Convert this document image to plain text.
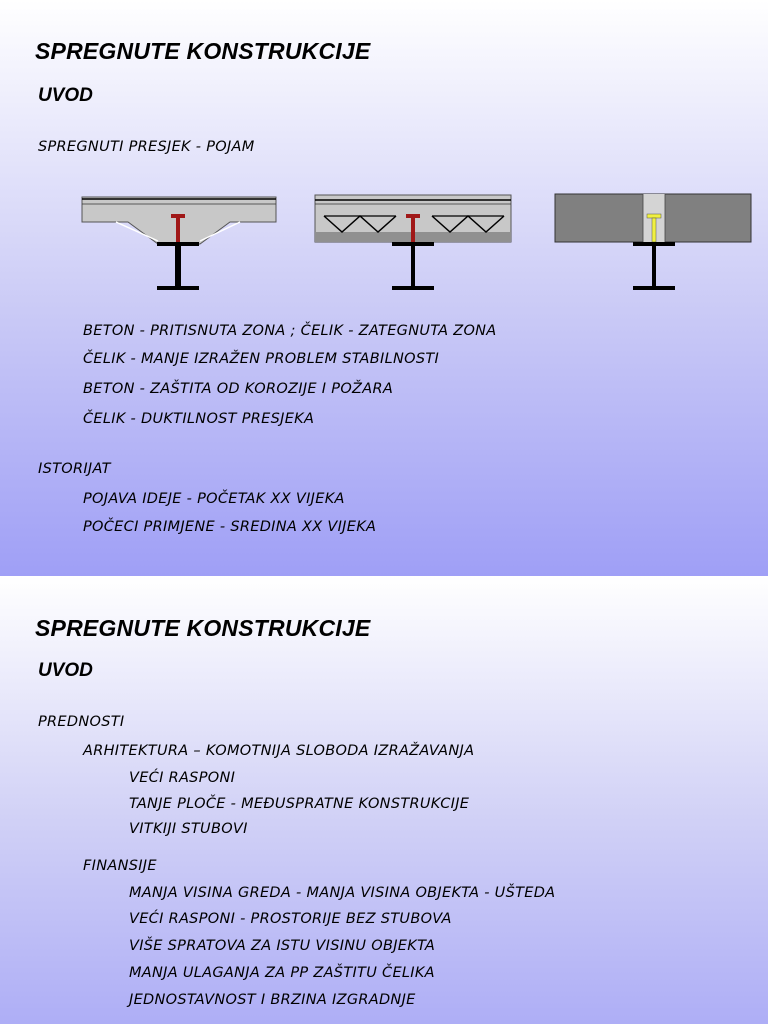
SPREGNUTE KONSTRUKCIJE
UVOD

SPREGNUTI PRESJEK - POJAM

BETON - PRITISNUTA ZONA ; ČELIK - ZATEGNUTA ZONA

ČELIK - MANJE IZRAŽEN PROBLEM STABILNOSTI

BETON - ZAŠTITA OD KOROZIJE I POŽARA

ČELIK - DUKTILNOST PRESJEKA

ISTORIJAT

POJAVA IDEJE - POČETAK XX VIJEKA

POČECI PRIMJENE - SREDINA XX VIJEKA

SPREGNUTE KONSTRUKCIJE
UVOD

PREDNOSTI

ARHITEKTURA – KOMOTNIJA SLOBODA IZRAŽAVANJA

VEĆI RASPONI

TANJE PLOČE - MEĐUSPRATNE KONSTRUKCIJE

VITKIJI STUBOVI

FINANSIJE

MANJA VISINA GREDA - MANJA VISINA OBJEKTA - UŠTEDA

VEĆI RASPONI - PROSTORIJE BEZ STUBOVA

VIŠE SPRATOVA ZA ISTU VISINU OBJEKTA

MANJA ULAGANJA ZA PP ZAŠTITU ČELIKA

JEDNOSTAVNOST I BRZINA IZGRADNJE
